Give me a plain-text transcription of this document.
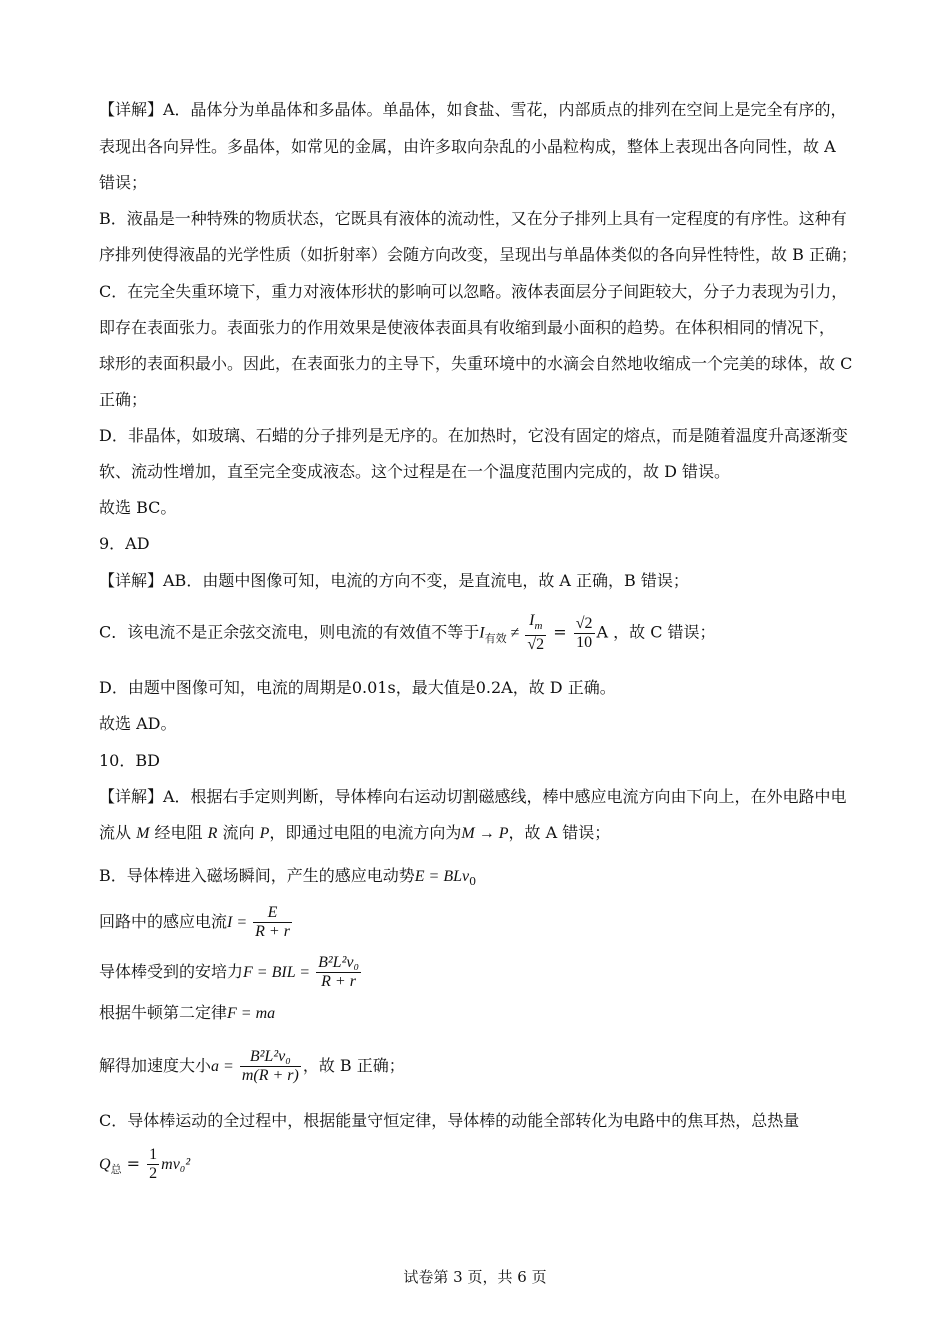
【详解】A．晶体分为单晶体和多晶体。单晶体，如食盐、雪花，内部质点的排列在空间上是完全有序的，
表现出各向异性。多晶体，如常见的金属，由许多取向杂乱的小晶粒构成，整体上表现出各向同性，故 A
错误；
B．液晶是一种特殊的物质状态，它既具有液体的流动性，又在分子排列上具有一定程度的有序性。这种有
序排列使得液晶的光学性质（如折射率）会随方向改变，呈现出与单晶体类似的各向异性特性，故 B 正确；
C．在完全失重环境下，重力对液体形状的影响可以忽略。液体表面层分子间距较大，分子力表现为引力，
即存在表面张力。表面张力的作用效果是使液体表面具有收缩到最小面积的趋势。在体积相同的情况下，
球形的表面积最小。因此，在表面张力的主导下，失重环境中的水滴会自然地收缩成一个完美的球体，故 C
正确；
D．非晶体，如玻璃、石蜡的分子排列是无序的。在加热时，它没有固定的熔点，而是随着温度升高逐渐变
软、流动性增加，直至完全变成液态。这个过程是在一个温度范围内完成的，故 D 错误。
故选 BC。
9．AD
【详解】AB．由题中图像可知，电流的方向不变，是直流电，故 A 正确，B 错误；
C．该电流不是正余弦交流电，则电流的有效值不等于$I_{有效} \ne \frac{I_m}{√2} = \frac{√2}{10}$ A ，故 C 错误；
D．由题中图像可知，电流的周期是0.01s，最大值是0.2A，故 D 正确。
故选 AD。
10．BD
【详解】A．根据右手定则判断，导体棒向右运动切割磁感线，棒中感应电流方向由下向上，在外电路中电
流从 M 经电阻 R 流向 P，即通过电阻的电流方向为M → P，故 A 错误；
B．导体棒进入磁场瞬间，产生的感应电动势E = BLv$_0$
回路中的感应电流$I = \frac{E}{R + r}$
导体棒受到的安培力F = BIL = $\frac{\text{B²L²v₀}}{R + r}$
根据牛顿第二定律F = ma
解得加速度大小$a = \frac{\text{B²L²v₀}}{m(R + r)}$ ，故 B 正确；
C．导体棒运动的全过程中，根据能量守恒定律，导体棒的动能全部转化为电路中的焦耳热，总热量
$Q_总 = \frac{1}{2} mv_0^2$
试卷第 3 页，共 6 页
